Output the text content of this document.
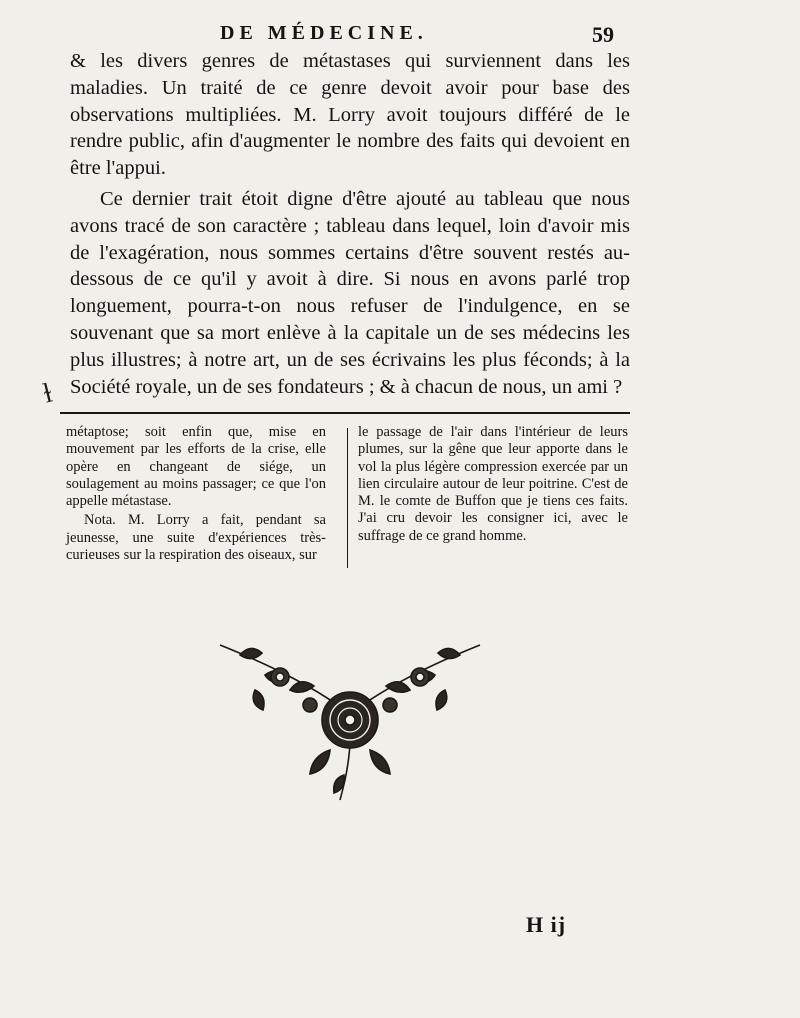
DE MÉDECINE.	59

& les divers genres de métastases qui surviennent dans les maladies. Un traité de ce genre devoit avoir pour base des observations multipliées. M. Lorry avoit toujours différé de le rendre public, afin d'augmenter le nombre des faits qui devoient en être l'appui.

Ce dernier trait étoit digne d'être ajouté au tableau que nous avons tracé de son caractère ; tableau dans lequel, loin d'avoir mis de l'exagération, nous sommes certains d'être souvent restés au-dessous de ce qu'il y avoit à dire. Si nous en avons parlé trop longuement, pourra-t-on nous refuser de l'indulgence, en se souvenant que sa mort enlève à la capitale un de ses médecins les plus illustres; à notre art, un de ses écrivains les plus féconds; à la Société royale, un de ses fondateurs ; & à chacun de nous, un ami ?

ɫ

métaptose; soit enfin que, mise en mouvement par les efforts de la crise, elle opère en changeant de siége, un soulagement au moins passager; ce que l'on appelle métastase.

Nota. M. Lorry a fait, pendant sa jeunesse, une suite d'expériences très-curieuses sur la respiration des oiseaux, sur

le passage de l'air dans l'intérieur de leurs plumes, sur la gêne que leur apporte dans le vol la plus légère compression exercée par un lien circulaire autour de leur poitrine. C'est de M. le comte de Buffon que je tiens ces faits. J'ai cru devoir les consigner ici, avec le suffrage de ce grand homme.

H ij
